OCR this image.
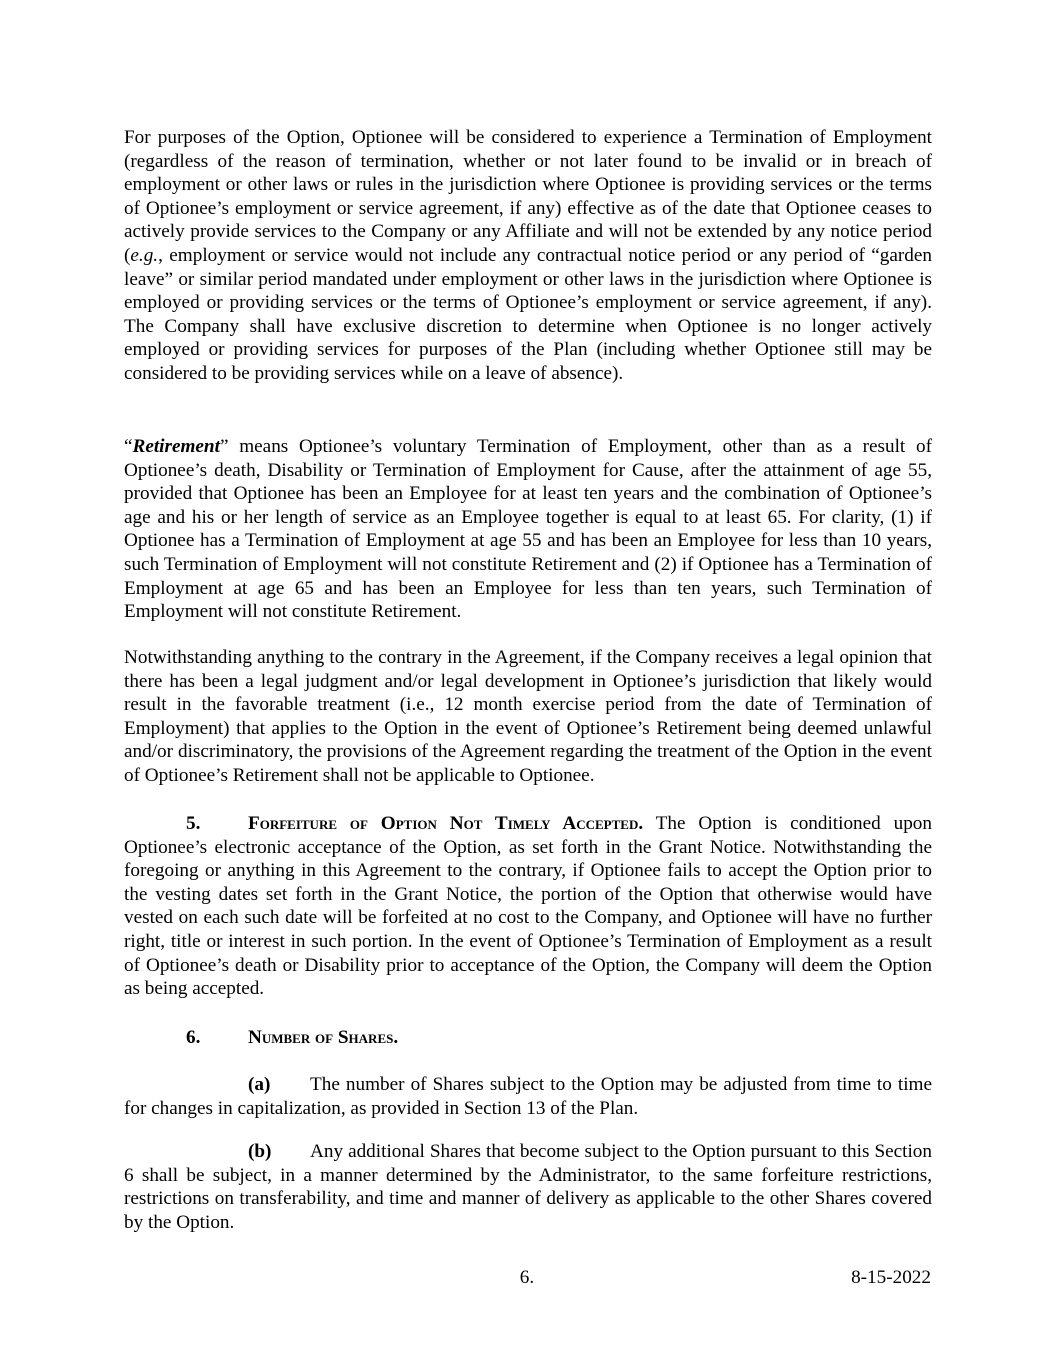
For purposes of the Option, Optionee will be considered to experience a Termination of Employment (regardless of the reason of termination, whether or not later found to be invalid or in breach of employment or other laws or rules in the jurisdiction where Optionee is providing services or the terms of Optionee’s employment or service agreement, if any) effective as of the date that Optionee ceases to actively provide services to the Company or any Affiliate and will not be extended by any notice period (e.g., employment or service would not include any contractual notice period or any period of “garden leave” or similar period mandated under employment or other laws in the jurisdiction where Optionee is employed or providing services or the terms of Optionee’s employment or service agreement, if any). The Company shall have exclusive discretion to determine when Optionee is no longer actively employed or providing services for purposes of the Plan (including whether Optionee still may be considered to be providing services while on a leave of absence).

“Retirement” means Optionee’s voluntary Termination of Employment, other than as a result of Optionee’s death, Disability or Termination of Employment for Cause, after the attainment of age 55, provided that Optionee has been an Employee for at least ten years and the combination of Optionee’s age and his or her length of service as an Employee together is equal to at least 65. For clarity, (1) if Optionee has a Termination of Employment at age 55 and has been an Employee for less than 10 years, such Termination of Employment will not constitute Retirement and (2) if Optionee has a Termination of Employment at age 65 and has been an Employee for less than ten years, such Termination of Employment will not constitute Retirement.

Notwithstanding anything to the contrary in the Agreement, if the Company receives a legal opinion that there has been a legal judgment and/or legal development in Optionee’s jurisdiction that likely would result in the favorable treatment (i.e., 12 month exercise period from the date of Termination of Employment) that applies to the Option in the event of Optionee’s Retirement being deemed unlawful and/or discriminatory, the provisions of the Agreement regarding the treatment of the Option in the event of Optionee’s Retirement shall not be applicable to Optionee.

5. Forfeiture of Option Not Timely Accepted. The Option is conditioned upon Optionee’s electronic acceptance of the Option, as set forth in the Grant Notice. Notwithstanding the foregoing or anything in this Agreement to the contrary, if Optionee fails to accept the Option prior to the vesting dates set forth in the Grant Notice, the portion of the Option that otherwise would have vested on each such date will be forfeited at no cost to the Company, and Optionee will have no further right, title or interest in such portion. In the event of Optionee’s Termination of Employment as a result of Optionee’s death or Disability prior to acceptance of the Option, the Company will deem the Option as being accepted.

6. Number of Shares.

(a) The number of Shares subject to the Option may be adjusted from time to time for changes in capitalization, as provided in Section 13 of the Plan.

(b) Any additional Shares that become subject to the Option pursuant to this Section 6 shall be subject, in a manner determined by the Administrator, to the same forfeiture restrictions, restrictions on transferability, and time and manner of delivery as applicable to the other Shares covered by the Option.

6.	8-15-2022
